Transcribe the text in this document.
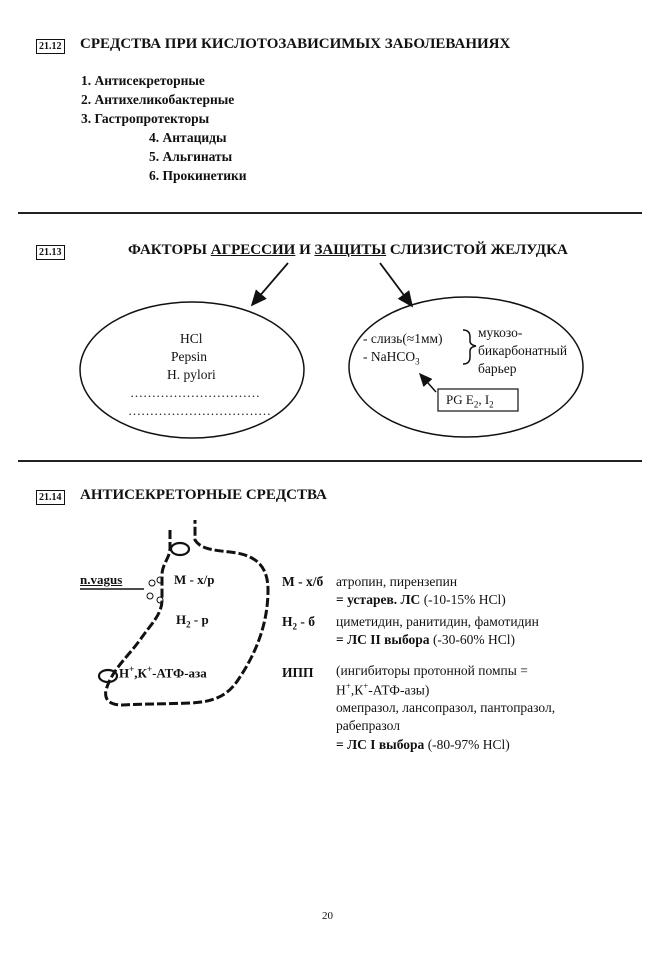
21.12 СРЕДСТВА ПРИ КИСЛОТОЗАВИСИМЫХ ЗАБОЛЕВАНИЯХ
1. Антисекреторные
2. Антихеликобактерные
3. Гастропротекторы
4. Антациды
5. Альгинаты
6. Прокинетики
21.13	ФАКТОРЫ АГРЕССИИ И ЗАЩИТЫ СЛИЗИСТОЙ ЖЕЛУДКА
HCl
Pepsin
H. pylori
…………………………
……………………………
- слизь(≈1мм)
- NaHCO$_3$
мукозо-
бикарбонатный
барьер
PG $E_2$, $I_2$
21.14 АНТИСЕКРЕТОРНЫЕ СРЕДСТВА
n.vagus	М - х/р
$Н_2$ - р
Н+,К+-АТФ-аза
М - х/б атропин, пирензепин
= устарев. ЛС (-10-15% HCl)
$Н_2$ - б циметидин, ранитидин, фамотидин
= ЛС II выбора (-30-60% HCl)
ИПП (ингибиторы протонной помпы =
Н+,К+-АТФ-азы)
омепразол, лансопразол, пантопразол,
рабепразол
= ЛС I выбора (-80-97% HCl)
20
